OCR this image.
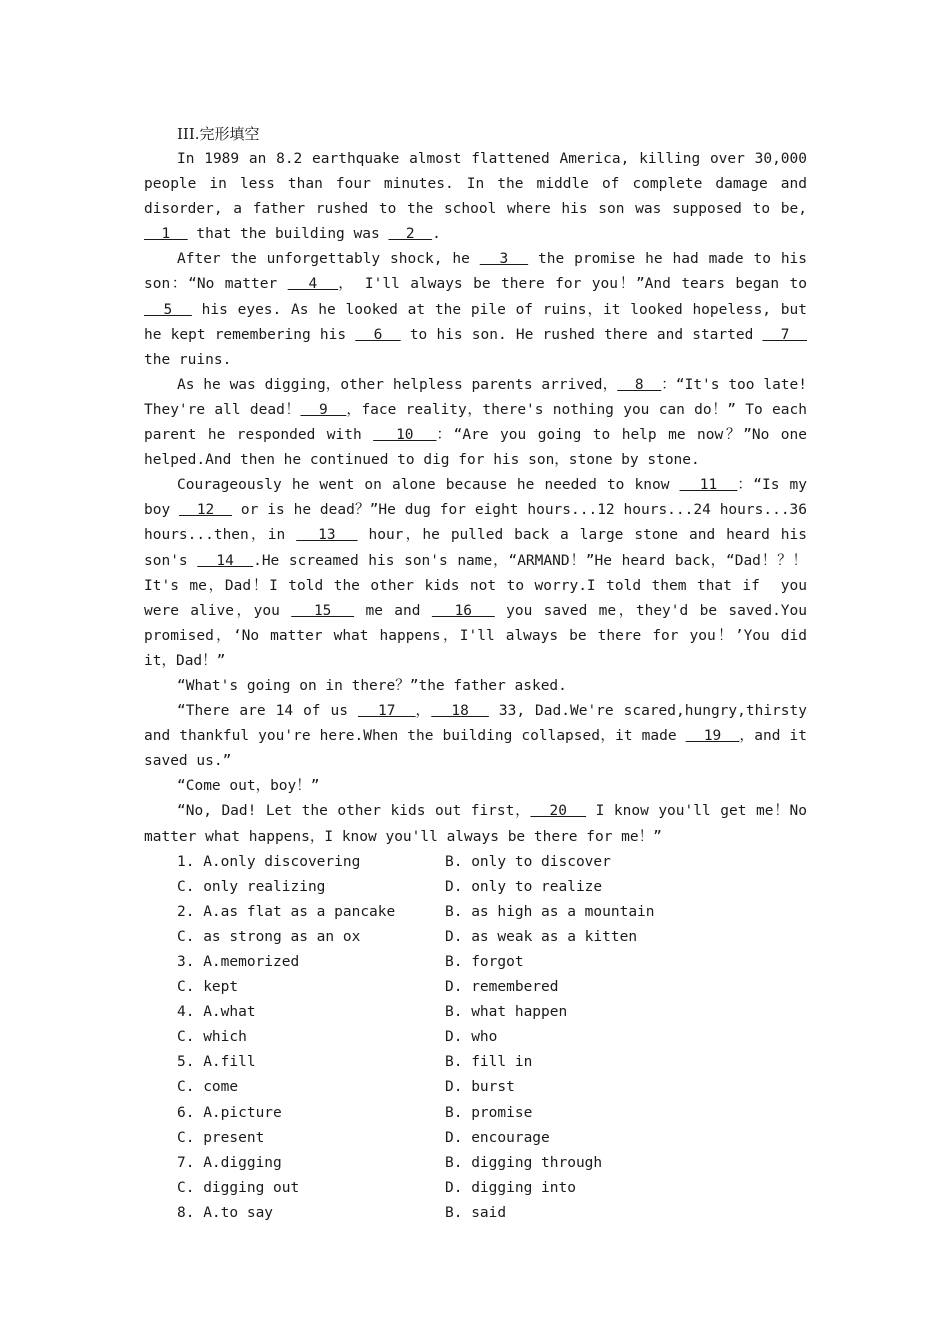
III.完形填空

In 1989 an 8.2 earthquake almost flattened America, killing over 30,000 people in less than four minutes. In the middle of complete damage and disorder, a father rushed to the school where his son was supposed to be,   1   that the building was   2  .

After the unforgettably shock, he   3   the promise he had made to his son：“No matter   4  ， I'll always be there for you！”And tears began to   5   his eyes. As he looked at the pile of ruins，it looked hopeless, but he kept remembering his   6   to his son. He rushed there and started   7   the ruins.

As he was digging，other helpless parents arrived，  8  ：“It's too late! They're all dead！  9  ，face reality，there's nothing you can do！” To each parent he responded with   10  ：“Are you going to help me now？”No one helped.And then he continued to dig for his son，stone by stone.

Courageously he went on alone because he needed to know   11  ：“Is my boy   12   or is he dead？”He dug for eight hours...12 hours...24 hours...36 hours...then，in   13   hour，he pulled back a large stone and heard his son's   14  .He screamed his son's name，“ARMAND！”He heard back，“Dad！？！It's me，Dad！I told the other kids not to worry.I told them that if  you were alive，you   15   me and   16   you saved me，they'd be saved.You promised，‘No matter what happens，I'll always be there for you！’You did it，Dad！”

“What's going on in there？”the father asked.

“There are 14 of us   17  ，  18   33, Dad.We're scared,hungry,thirsty and thankful you're here.When the building collapsed，it made   19  ，and it saved us.”

“Come out，boy！”

“No, Dad! Let the other kids out first，  20   I know you'll get me！No matter what happens，I know you'll always be there for me！”

1. A.only discovering	B. only to discover
C. only realizing	D. only to realize
2. A.as flat as a pancake	B. as high as a mountain
C. as strong as an ox	D. as weak as a kitten
3. A.memorized	B. forgot
C. kept	D. remembered
4. A.what	B. what happen
C. which	D. who
5. A.fill	B. fill in
C. come	D. burst
6. A.picture	B. promise
C. present	D. encourage
7. A.digging	B. digging through
C. digging out	D. digging into
8. A.to say	B. said
